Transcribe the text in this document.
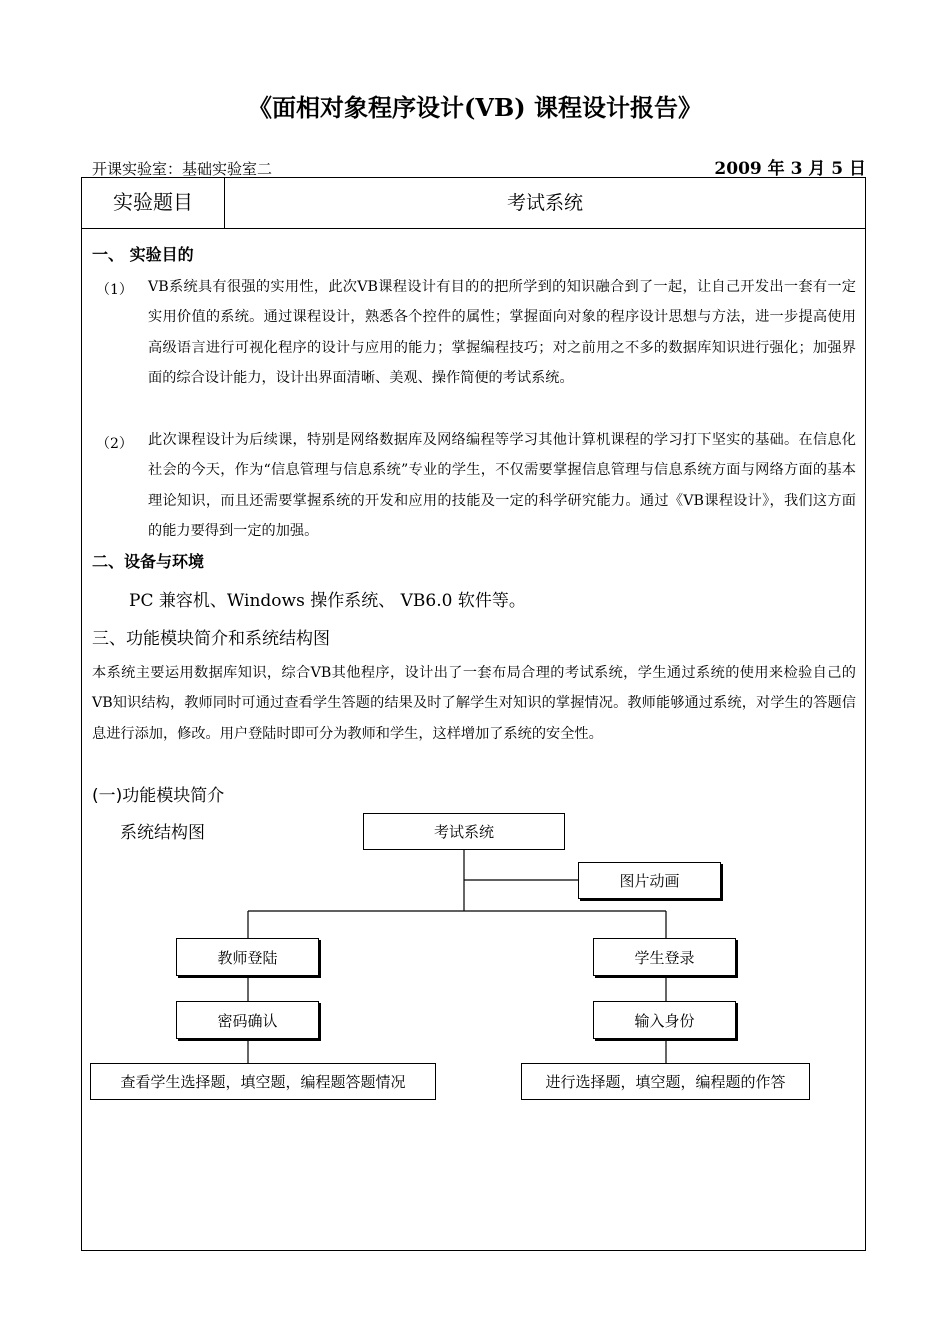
《面相对象程序设计(VB) 课程设计报告》
开课实验室：基础实验室二	2009 年 3 月 5 日
实验题目	考试系统
一、 实验目的
（1） VB系统具有很强的实用性，此次VB课程设计有目的的把所学到的知识融合到了一起，让自己开发出一套有一定实用价值的系统。通过课程设计，熟悉各个控件的属性；掌握面向对象的程序设计思想与方法，进一步提高使用高级语言进行可视化程序的设计与应用的能力；掌握编程技巧；对之前用之不多的数据库知识进行强化；加强界面的综合设计能力，设计出界面清晰、美观、操作简便的考试系统。
（2） 此次课程设计为后续课，特别是网络数据库及网络编程等学习其他计算机课程的学习打下坚实的基础。在信息化社会的今天，作为“信息管理与信息系统”专业的学生，不仅需要掌握信息管理与信息系统方面与网络方面的基本理论知识，而且还需要掌握系统的开发和应用的技能及一定的科学研究能力。通过《VB课程设计》，我们这方面的能力要得到一定的加强。
二、设备与环境
PC 兼容机、Windows 操作系统、 VB6.0 软件等。
三、功能模块简介和系统结构图
本系统主要运用数据库知识，综合VB其他程序，设计出了一套布局合理的考试系统，学生通过系统的使用来检验自己的VB知识结构，教师同时可通过查看学生答题的结果及时了解学生对知识的掌握情况。教师能够通过系统，对学生的答题信息进行添加，修改。用户登陆时即可分为教师和学生，这样增加了系统的安全性。
(一)功能模块简介
系统结构图	考试系统
图片动画
教师登陆
密码确认
查看学生选择题，填空题，编程题答题情况
学生登录
输入身份
进行选择题，填空题，编程题的作答
